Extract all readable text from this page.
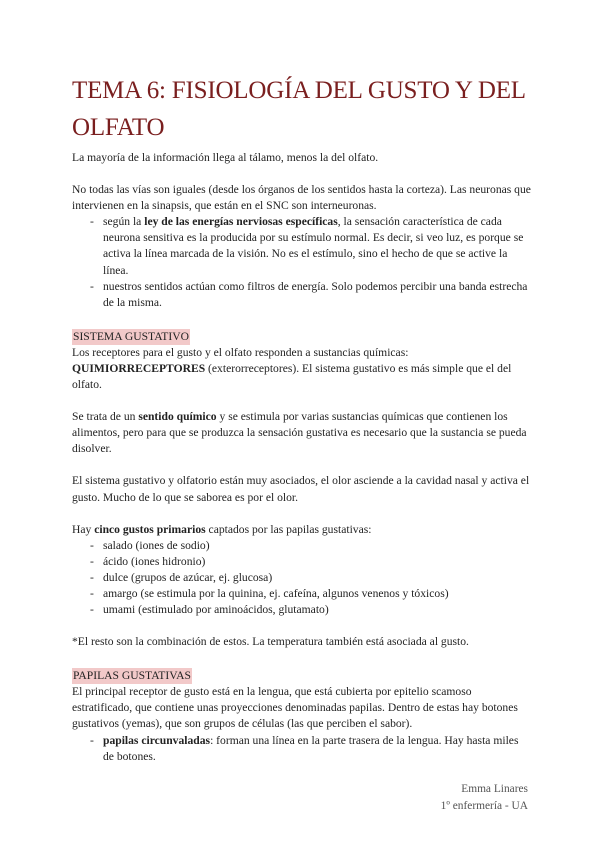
TEMA 6: FISIOLOGÍA DEL GUSTO Y DEL OLFATO

La mayoría de la información llega al tálamo, menos la del olfato.

No todas las vías son iguales (desde los órganos de los sentidos hasta la corteza). Las neuronas que intervienen en la sinapsis, que están en el SNC son interneuronas.

- según la ley de las energías nerviosas específicas, la sensación característica de cada neurona sensitiva es la producida por su estímulo normal. Es decir, si veo luz, es porque se activa la línea marcada de la visión. No es el estímulo, sino el hecho de que se active la línea.
- nuestros sentidos actúan como filtros de energía. Solo podemos percibir una banda estrecha de la misma.
SISTEMA GUSTATIVO

Los receptores para el gusto y el olfato responden a sustancias químicas: QUIMIORRECEPTORES (exterorreceptores). El sistema gustativo es más simple que el del olfato.

Se trata de un sentido químico y se estimula por varias sustancias químicas que contienen los alimentos, pero para que se produzca la sensación gustativa es necesario que la sustancia se pueda disolver.

El sistema gustativo y olfatorio están muy asociados, el olor asciende a la cavidad nasal y activa el gusto. Mucho de lo que se saborea es por el olor.

Hay cinco gustos primarios captados por las papilas gustativas:

- salado (iones de sodio)
- ácido (iones hidronio)
- dulce (grupos de azúcar, ej. glucosa)
- amargo (se estimula por la quinina, ej. cafeína, algunos venenos y tóxicos)
- umami (estimulado por aminoácidos, glutamato)

*El resto son la combinación de estos. La temperatura también está asociada al gusto.

PAPILAS GUSTATIVAS

El principal receptor de gusto está en la lengua, que está cubierta por epitelio scamoso estratificado, que contiene unas proyecciones denominadas papilas. Dentro de estas hay botones gustativos (yemas), que son grupos de células (las que perciben el sabor).

- papilas circunvaladas: forman una línea en la parte trasera de la lengua. Hay hasta miles de botones.
Emma Linares
1º enfermería - UA
